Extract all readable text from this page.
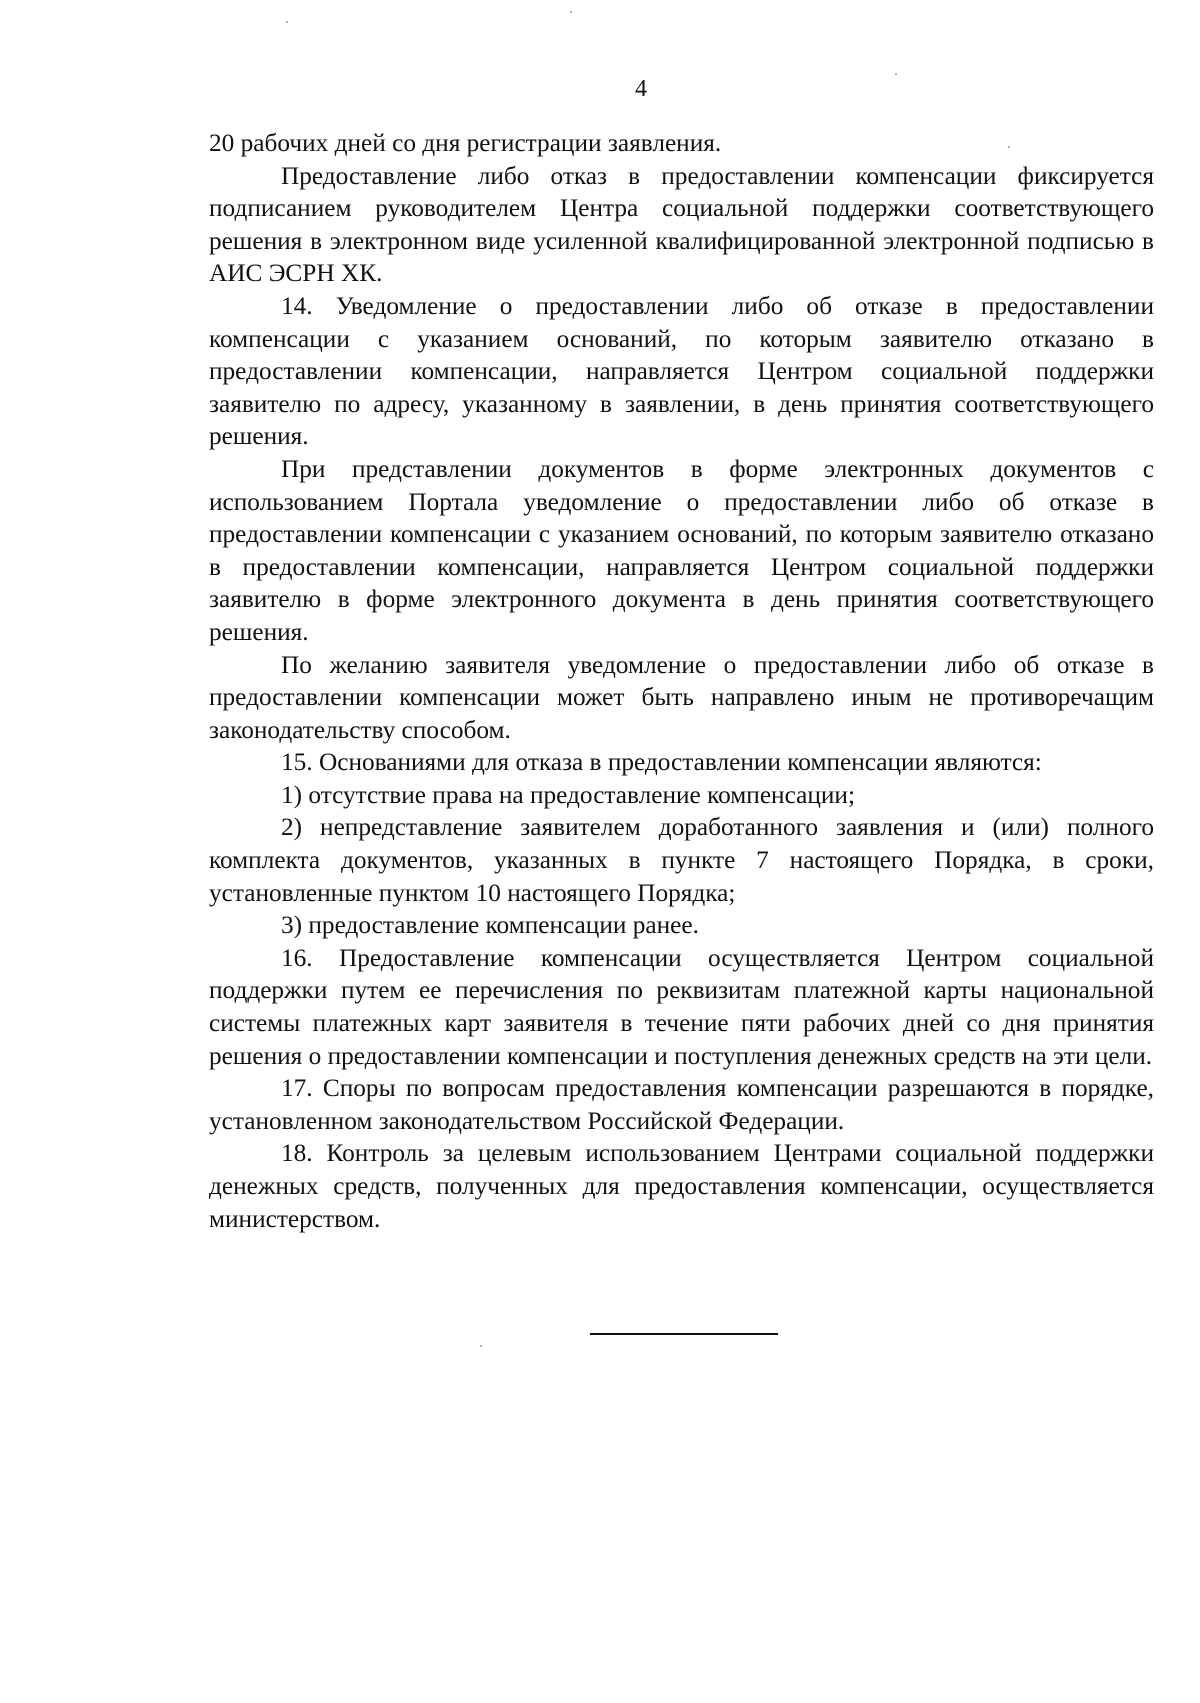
4

20 рабочих дней со дня регистрации заявления.

Предоставление либо отказ в предоставлении компенсации фиксируется подписанием руководителем Центра социальной поддержки соответствующего решения в электронном виде усиленной квалифицированной электронной подписью в АИС ЭСРН ХК.

14. Уведомление о предоставлении либо об отказе в предоставлении компенсации с указанием оснований, по которым заявителю отказано в предоставлении компенсации, направляется Центром социальной поддержки заявителю по адресу, указанному в заявлении, в день принятия соответствующего решения.

При представлении документов в форме электронных документов с использованием Портала уведомление о предоставлении либо об отказе в предоставлении компенсации с указанием оснований, по которым заявителю отказано в предоставлении компенсации, направляется Центром социальной поддержки заявителю в форме электронного документа в день принятия соответствующего решения.

По желанию заявителя уведомление о предоставлении либо об отказе в предоставлении компенсации может быть направлено иным не противоречащим законодательству способом.

15. Основаниями для отказа в предоставлении компенсации являются:

1) отсутствие права на предоставление компенсации;

2) непредставление заявителем доработанного заявления и (или) полного комплекта документов, указанных в пункте 7 настоящего Порядка, в сроки, установленные пунктом 10 настоящего Порядка;

3) предоставление компенсации ранее.

16. Предоставление компенсации осуществляется Центром социальной поддержки путем ее перечисления по реквизитам платежной карты национальной системы платежных карт заявителя в течение пяти рабочих дней со дня принятия решения о предоставлении компенсации и поступления денежных средств на эти цели.

17. Споры по вопросам предоставления компенсации разрешаются в порядке, установленном законодательством Российской Федерации.

18. Контроль за целевым использованием Центрами социальной поддержки денежных средств, полученных для предоставления компенсации, осуществляется министерством.
